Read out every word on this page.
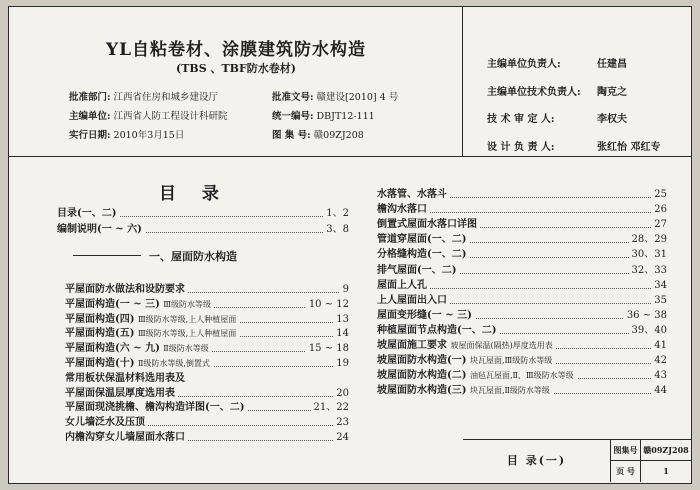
YL自粘卷材、涂膜建筑防水构造
(TBS 、TBF防水卷材)
批准部门: 江西省住房和城乡建设厅
主编单位: 江西省人防工程设计科研院
实行日期: 2010年3月15日
批准文号: 赣建设[2010] 4 号
统一编号: DBJT12-111
图 集 号: 赣09ZJ208
主编单位负责人:	任建昌
主编单位技术负责人: 陶克之
技 术 审 定 人:	李权夫
设 计 负 责 人:	张红怡 邓红专
目 录
目录(一、二)	1、2
编制说明(一 ~ 六)	3、8
一、屋面防水构造
平屋面防水做法和设防要求	9
平屋面构造(一 ~ 三) Ⅲ级防水等级	10 ~ 12
平屋面构造(四) Ⅲ级防水等级,上人种植屋面	13
平屋面构造(五) Ⅲ级防水等级,上人种植屋面	14
平屋面构造(六 ~ 九) Ⅱ级防水等级	15 ~ 18
平屋面构造(十) Ⅱ级防水等级,倒置式	19
常用板状保温材料选用表及
平屋面保温层厚度选用表	20
平屋面现浇挑檐、檐沟构造详图(一、二)	21、22
女儿墙泛水及压顶	23
内檐沟穿女儿墙屋面水落口	24
水落管、水落斗	25
檐沟水落口	26
倒置式屋面水落口详图	27
管道穿屋面(一、二)	28、29
分格缝构造(一、二)	30、31
排气屋面(一、二)	32、33
屋面上人孔	34
上人屋面出入口	35
屋面变形缝(一 ~ 三)	36 ~ 38
种植屋面节点构造(一、二)	39、40
坡屋面施工要求 坡屋面保温(隔热)厚度选用表	41
坡屋面防水构造(一) 块瓦屋面,Ⅲ级防水等级	42
坡屋面防水构造(二) 油毡瓦屋面,Ⅱ、Ⅲ级防水等级	43
坡屋面防水构造(三) 块瓦屋面,Ⅱ级防水等级	44
目 录(一)
图集号 赣09ZJ208
页 号	1
